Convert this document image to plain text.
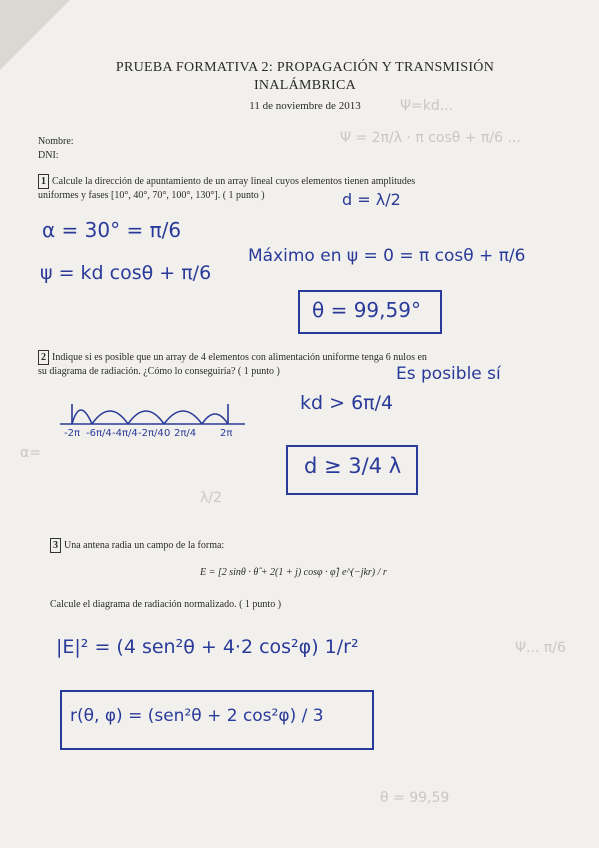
Ψ=kd...
Ψ = 2π/λ · π cosθ + π/6 ...
α=
λ/2
Ψ... π/6
θ = 99,59
PRUEBA FORMATIVA 2: PROPAGACIÓN Y TRANSMISIÓN
INALÁMBRICA
11 de noviembre de 2013
Nombre:
DNI:
1 Calcule la dirección de apuntamiento de un array lineal cuyos elementos tienen amplitudes
uniformes y fases [10°, 40°, 70°, 100°, 130°]. ( 1 punto )	d = λ/2
α = 30° = π/6
ψ = kd cosθ + π/6
Máximo en ψ = 0 = π cosθ + π/6
θ = 99,59°
2 Indique si es posible que un array de 4 elementos con alimentación uniforme tenga 6 nulos en
su diagrama de radiación. ¿Cómo lo conseguiría? ( 1 punto )	Es posible sí
kd > 6π/4
d ≥ 3/4 λ
-2π -6π/4 -4π/4 -2π/4 0 2π/4 2π
3 Una antena radia un campo de la forma:
E = [2 sinθ · θ̂ + 2(1 + j) cosφ · φ̂] e^(−jkr) / r
Calcule el diagrama de radiación normalizado. ( 1 punto )
|E|² = (4 sen²θ + 4·2 cos²φ) 1/r²
r(θ, φ) = (sen²θ + 2 cos²φ) / 3
